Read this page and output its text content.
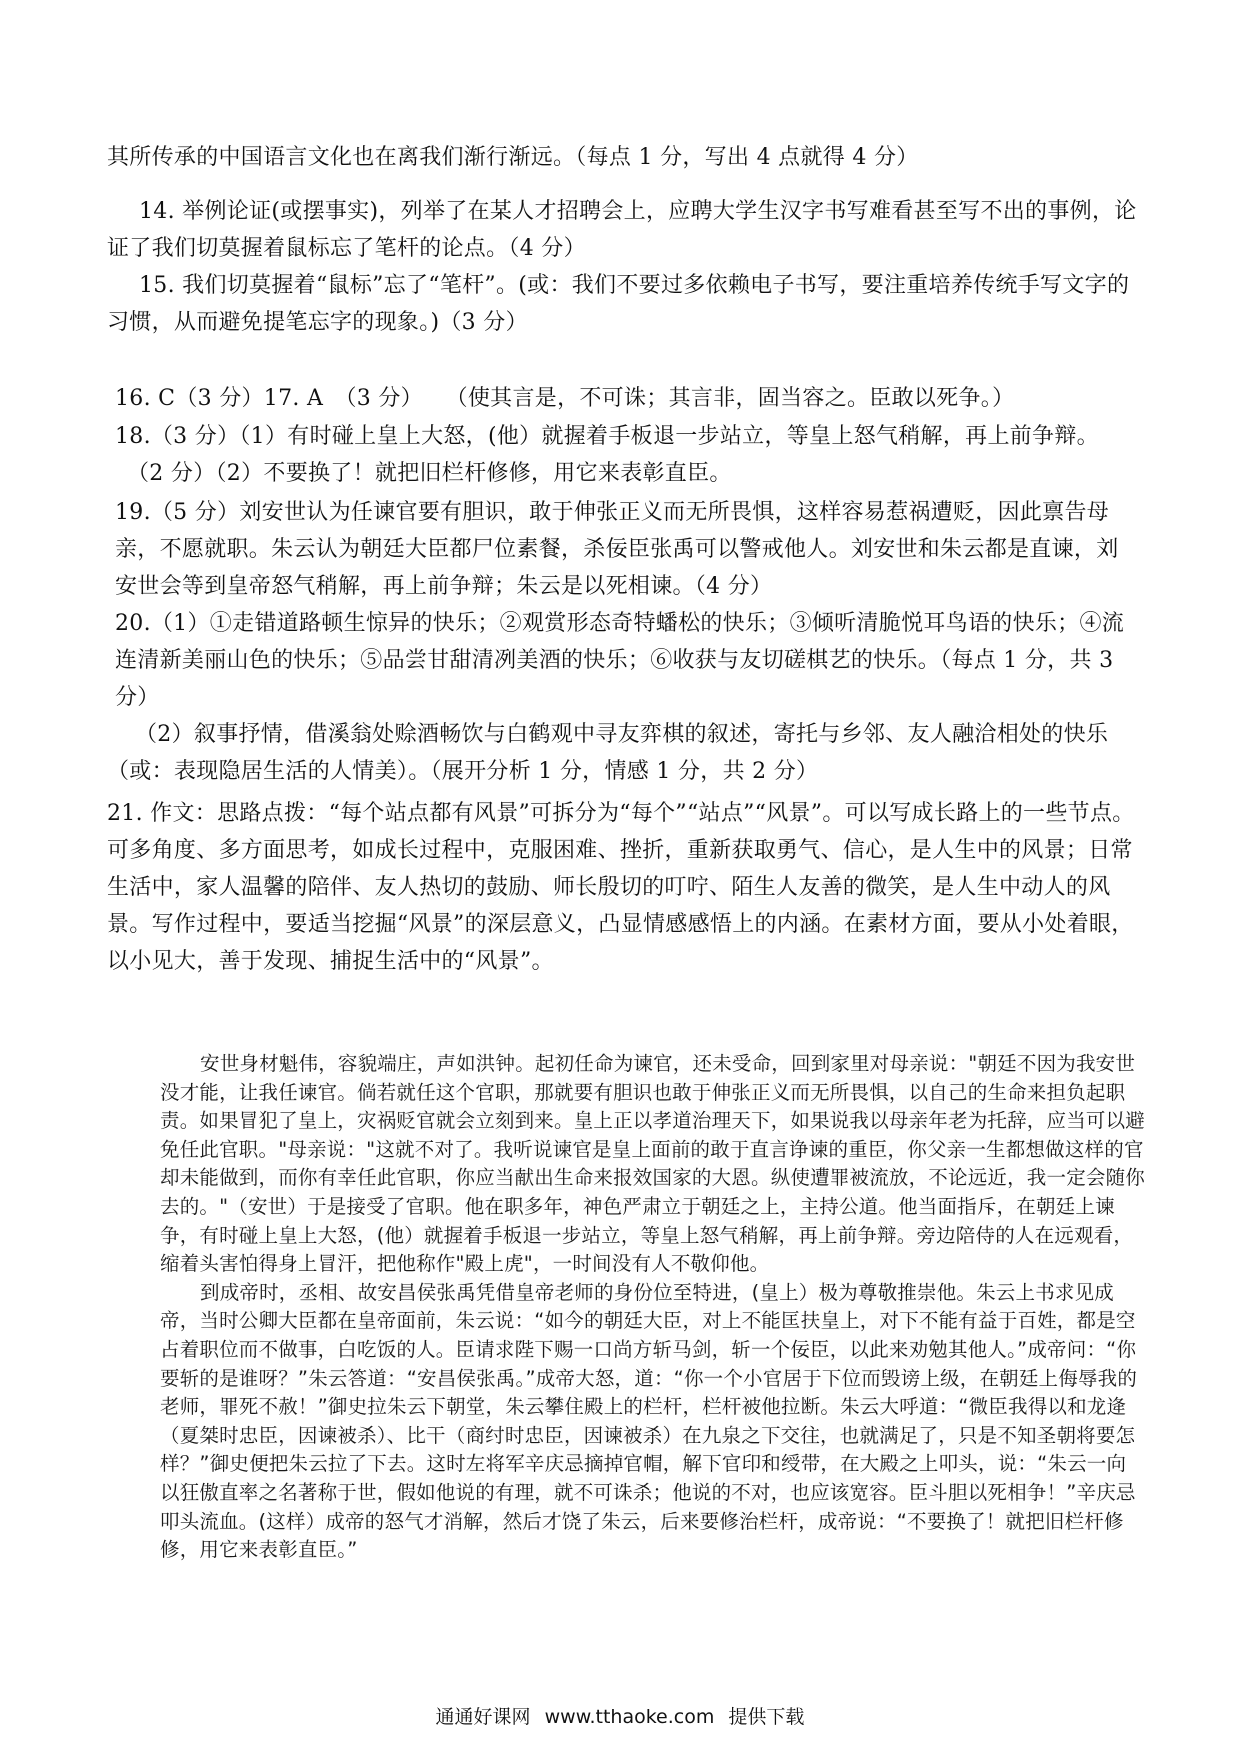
其所传承的中国语言文化也在离我们渐行渐远。（每点 1 分，写出 4 点就得 4 分）

14. 举例论证(或摆事实)，列举了在某人才招聘会上，应聘大学生汉字书写难看甚至写不出的事例，论证了我们切莫握着鼠标忘了笔杆的论点。（4 分）

15. 我们切莫握着“鼠标”忘了“笔杆”。(或：我们不要过多依赖电子书写，要注重培养传统手写文字的习惯，从而避免提笔忘字的现象。)（3 分）

16. C（3 分）17. A　（3 分）　　（使其言是，不可诛；其言非，固当容之。臣敢以死争。）

18.（3 分）（1）有时碰上皇上大怒，(他）就握着手板退一步站立，等皇上怒气稍解，再上前争辩。

（2 分）（2）不要换了！就把旧栏杆修修，用它来表彰直臣。

19.（5 分）刘安世认为任谏官要有胆识，敢于伸张正义而无所畏惧，这样容易惹祸遭贬，因此禀告母亲，不愿就职。朱云认为朝廷大臣都尸位素餐，杀佞臣张禹可以警戒他人。刘安世和朱云都是直谏，刘安世会等到皇帝怒气稍解，再上前争辩；朱云是以死相谏。（4 分）

20.（1）①走错道路顿生惊异的快乐；②观赏形态奇特蟠松的快乐；③倾听清脆悦耳鸟语的快乐；④流连清新美丽山色的快乐；⑤品尝甘甜清冽美酒的快乐；⑥收获与友切磋棋艺的快乐。（每点 1 分，共 3 分）

（2）叙事抒情，借溪翁处赊酒畅饮与白鹤观中寻友弈棋的叙述，寄托与乡邻、友人融洽相处的快乐（或：表现隐居生活的人情美）。（展开分析 1 分，情感 1 分，共 2 分）

21. 作文：思路点拨：“每个站点都有风景”可拆分为“每个”“站点”“风景”。可以写成长路上的一些节点。可多角度、多方面思考，如成长过程中，克服困难、挫折，重新获取勇气、信心，是人生中的风景；日常生活中，家人温馨的陪伴、友人热切的鼓励、师长殷切的叮咛、陌生人友善的微笑，是人生中动人的风景。写作过程中，要适当挖掘“风景”的深层意义，凸显情感感悟上的内涵。在素材方面，要从小处着眼，以小见大，善于发现、捕捉生活中的“风景”。

安世身材魁伟，容貌端庄，声如洪钟。起初任命为谏官，还未受命，回到家里对母亲说："朝廷不因为我安世没才能，让我任谏官。倘若就任这个官职，那就要有胆识也敢于伸张正义而无所畏惧，以自己的生命来担负起职责。如果冒犯了皇上，灾祸贬官就会立刻到来。皇上正以孝道治理天下，如果说我以母亲年老为托辞，应当可以避免任此官职。"母亲说："这就不对了。我听说谏官是皇上面前的敢于直言诤谏的重臣，你父亲一生都想做这样的官却未能做到，而你有幸任此官职，你应当献出生命来报效国家的大恩。纵使遭罪被流放，不论远近，我一定会随你去的。"（安世）于是接受了官职。他在职多年，神色严肃立于朝廷之上，主持公道。他当面指斥，在朝廷上谏争，有时碰上皇上大怒，(他）就握着手板退一步站立，等皇上怒气稍解，再上前争辩。旁边陪侍的人在远观看，缩着头害怕得身上冒汗，把他称作"殿上虎"，一时间没有人不敬仰他。

到成帝时，丞相、故安昌侯张禹凭借皇帝老师的身份位至特进，(皇上）极为尊敬推崇他。朱云上书求见成帝，当时公卿大臣都在皇帝面前，朱云说：“如今的朝廷大臣，对上不能匡扶皇上，对下不能有益于百姓，都是空占着职位而不做事，白吃饭的人。臣请求陛下赐一口尚方斩马剑，斩一个佞臣，以此来劝勉其他人。”成帝问：“你要斩的是谁呀？”朱云答道：“安昌侯张禹。”成帝大怒，道：“你一个小官居于下位而毁谤上级，在朝廷上侮辱我的老师，罪死不赦！”御史拉朱云下朝堂，朱云攀住殿上的栏杆，栏杆被他拉断。朱云大呼道：“微臣我得以和龙逄（夏桀时忠臣，因谏被杀）、比干（商纣时忠臣，因谏被杀）在九泉之下交往，也就满足了，只是不知圣朝将要怎样？”御史便把朱云拉了下去。这时左将军辛庆忌摘掉官帽，解下官印和绶带，在大殿之上叩头，说：“朱云一向以狂傲直率之名著称于世，假如他说的有理，就不可诛杀；他说的不对，也应该宽容。臣斗胆以死相争！”辛庆忌叩头流血。(这样）成帝的怒气才消解，然后才饶了朱云，后来要修治栏杆，成帝说：“不要换了！就把旧栏杆修修，用它来表彰直臣。”

通通好课网 www.tthaoke.com 提供下载
